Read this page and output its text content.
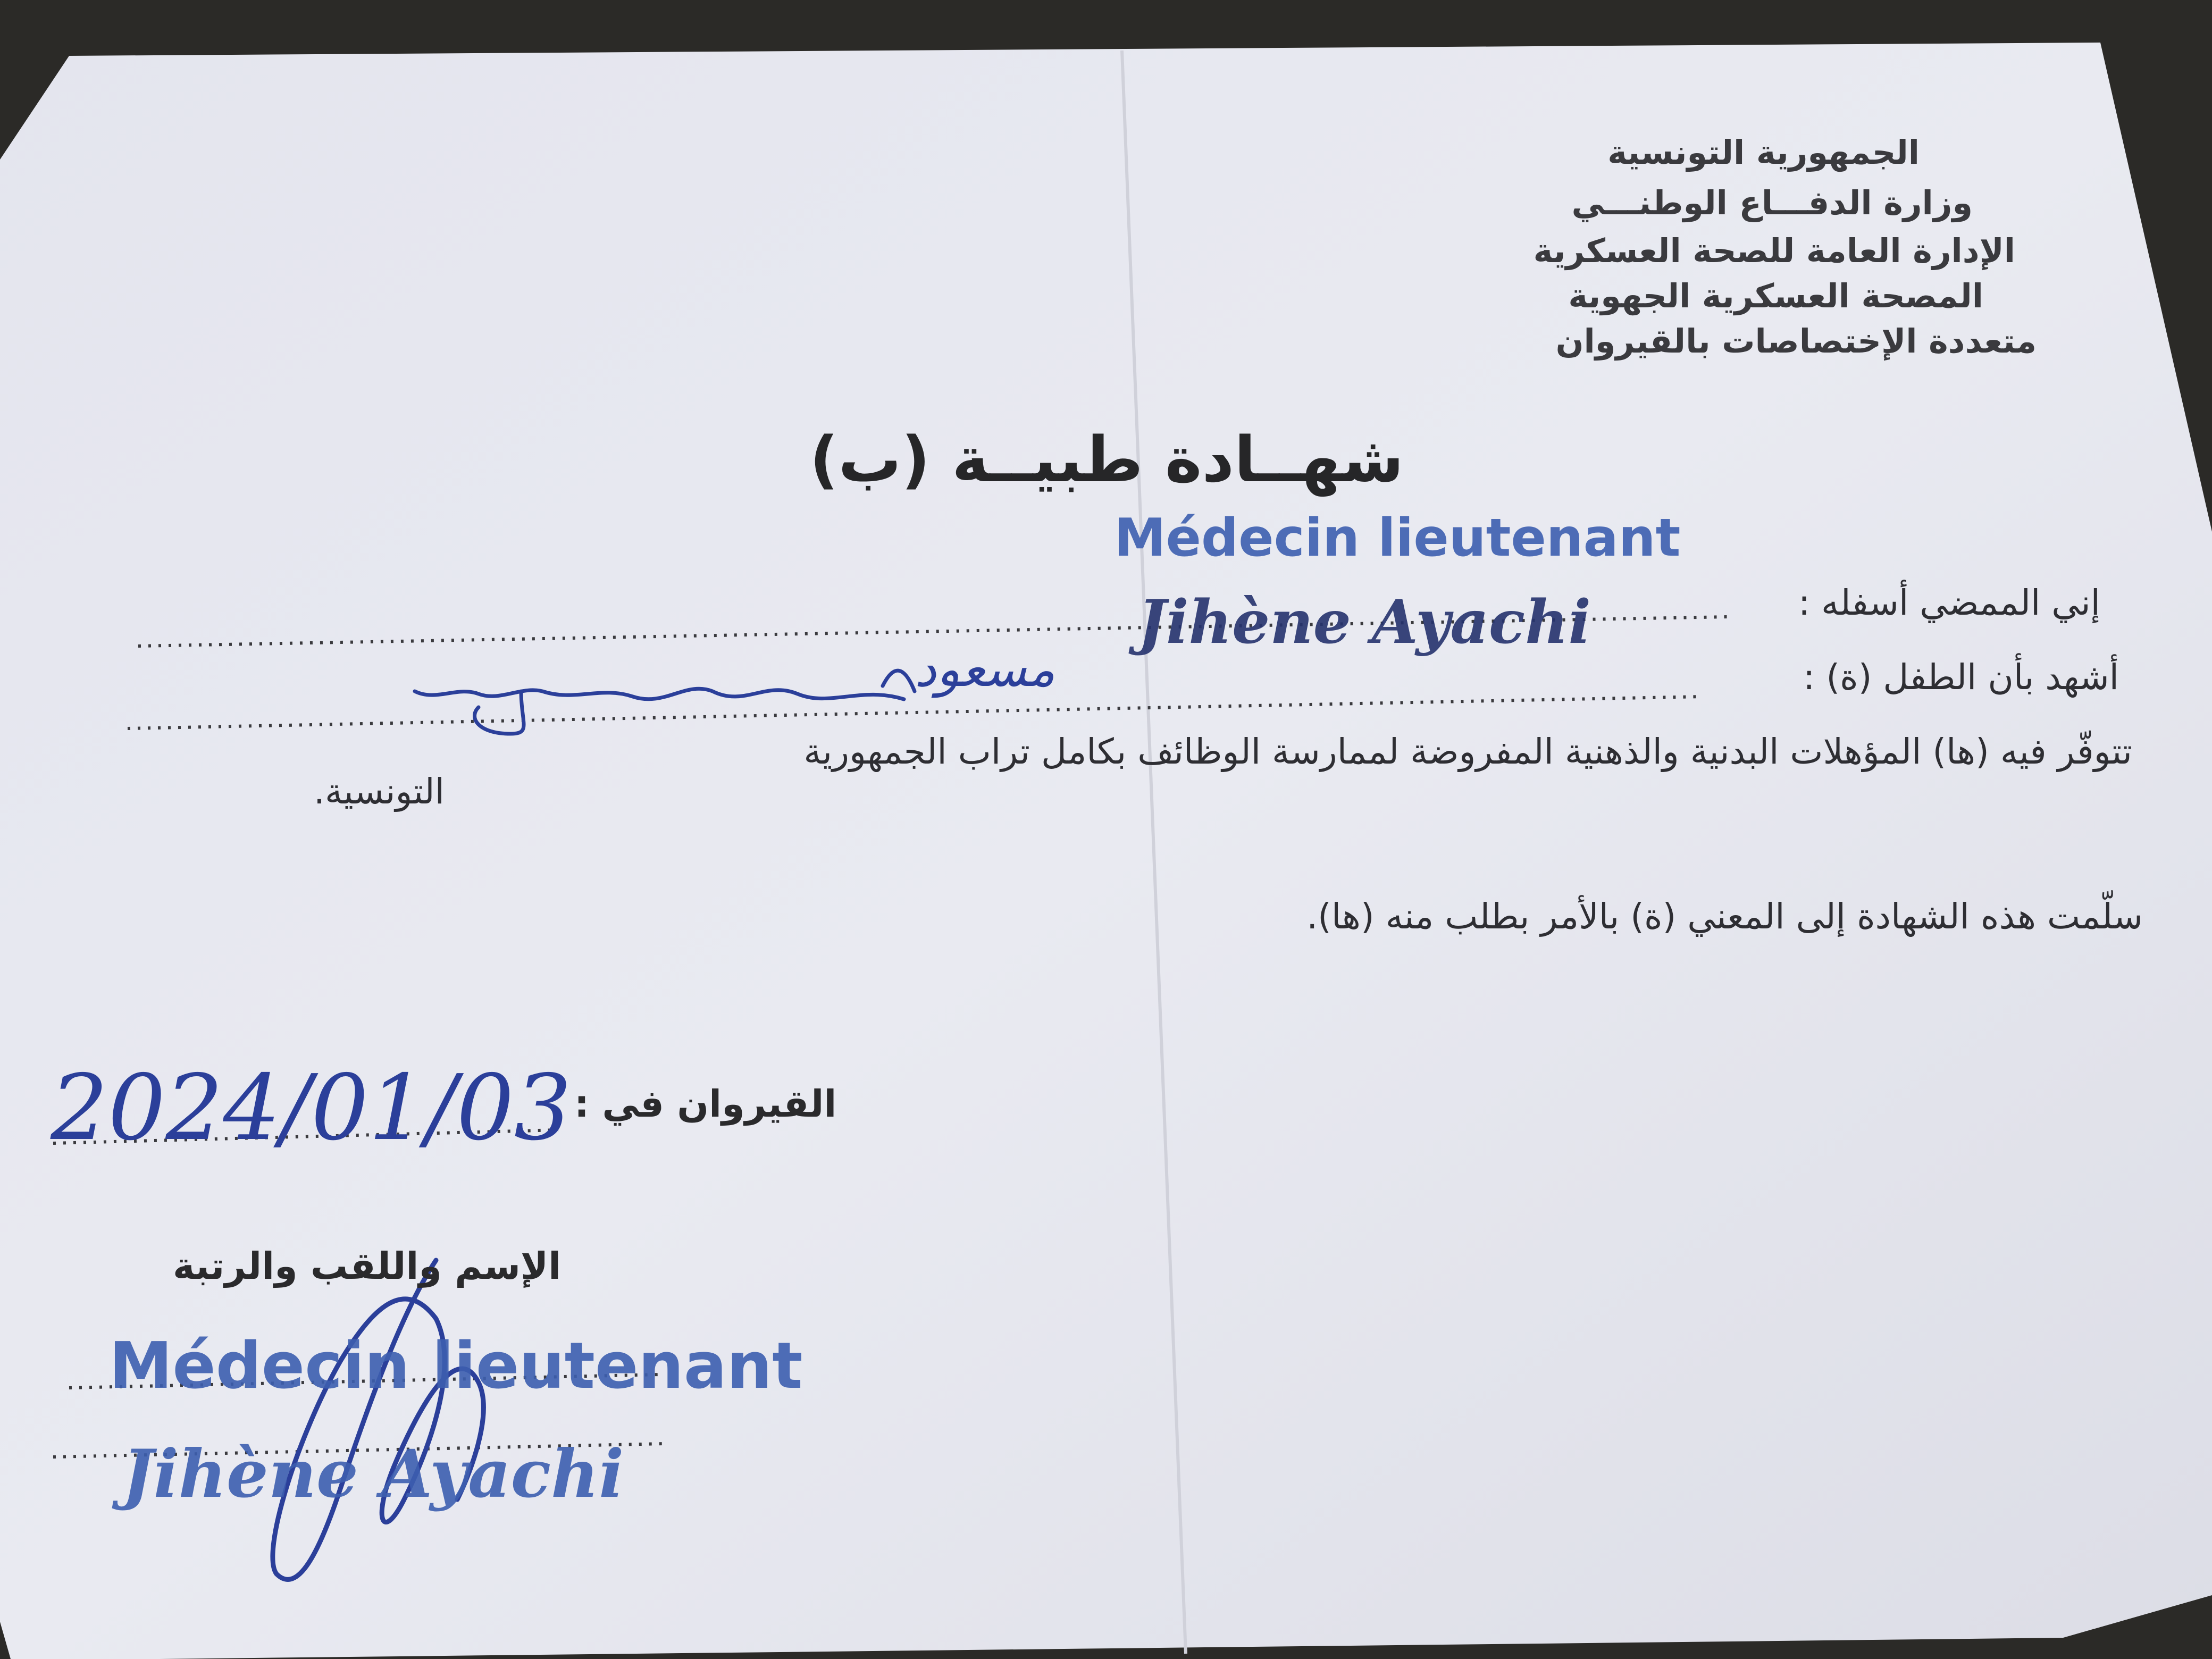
الجمهورية التونسية
وزارة الدفـــاع الوطنـــي
الإدارة العامة للصحة العسكرية
المصحة العسكرية الجهوية
متعددة الإختصاصات بالقيروان
شهــادة طبيــة (ب)
Médecin lieutenant
Jihène Ayachi	إني الممضي أسفله :
أشهد بأن الطفل (ة) :
مسعود
تتوفّر فيه (ها) المؤهلات البدنية والذهنية المفروضة لممارسة الوظائف بكامل تراب الجمهورية
التونسية.
سلّمت هذه الشهادة إلى المعني (ة) بالأمر بطلب منه (ها).
القيروان في :
2024/01/03
الإسم واللقب والرتبة
Médecin lieutenant
Jihène Ayachi
